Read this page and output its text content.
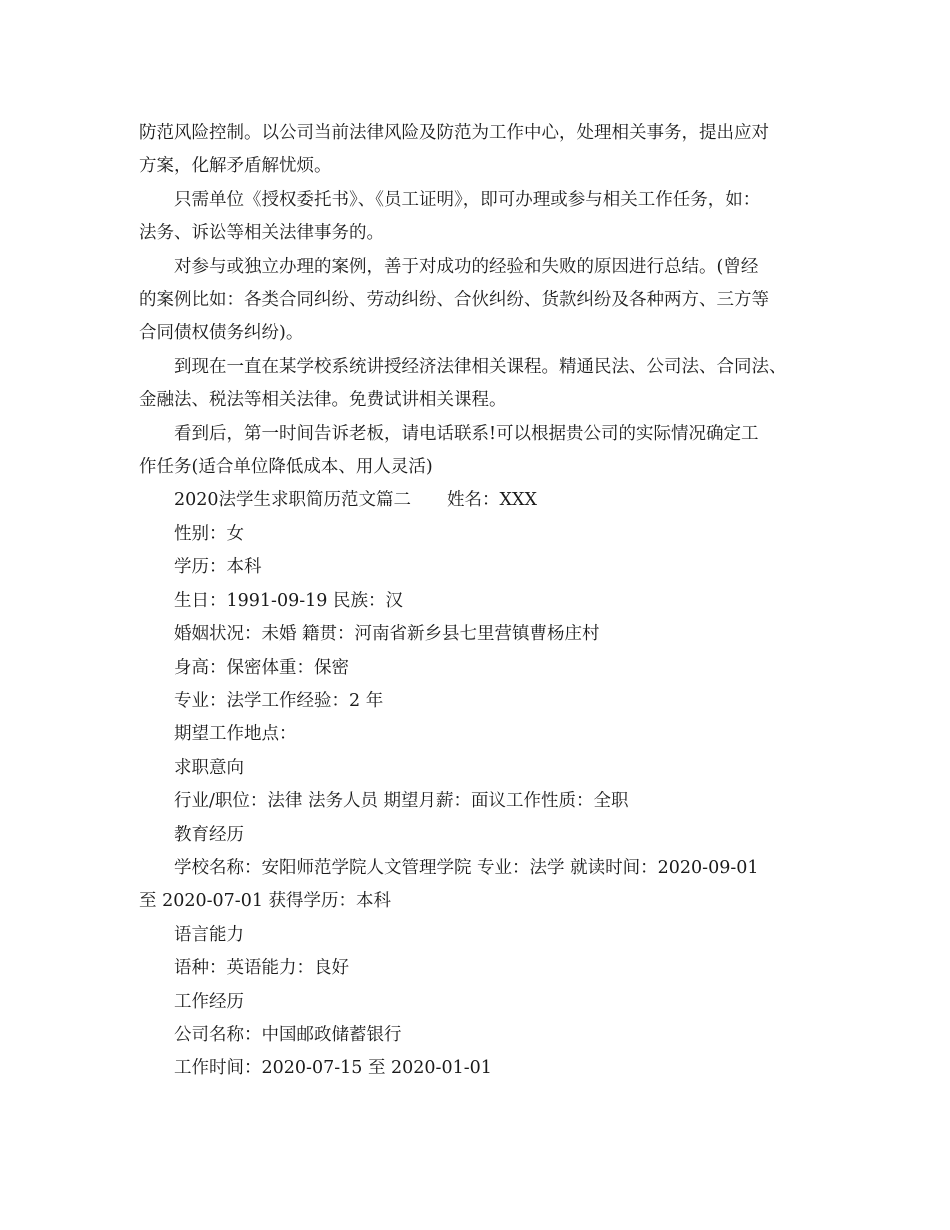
防范风险控制。以公司当前法律风险及防范为工作中心，处理相关事务，提出应对

方案，化解矛盾解忧烦。

只需单位《授权委托书》、《员工证明》，即可办理或参与相关工作任务，如：

法务、诉讼等相关法律事务的。

对参与或独立办理的案例，善于对成功的经验和失败的原因进行总结。(曾经

的案例比如：各类合同纠纷、劳动纠纷、合伙纠纷、货款纠纷及各种两方、三方等

合同债权债务纠纷)。

到现在一直在某学校系统讲授经济法律相关课程。精通民法、公司法、合同法、

金融法、税法等相关法律。免费试讲相关课程。

看到后，第一时间告诉老板，请电话联系!可以根据贵公司的实际情况确定工

作任务(适合单位降低成本、用人灵活)

2020法学生求职简历范文篇二 姓名：XXX

性别：女

学历：本科

生日：1991-09-19 民族：汉

婚姻状况：未婚 籍贯：河南省新乡县七里营镇曹杨庄村

身高：保密体重：保密

专业：法学工作经验：2 年

期望工作地点：

求职意向

行业/职位：法律 法务人员 期望月薪：面议工作性质：全职

教育经历

学校名称：安阳师范学院人文管理学院 专业：法学 就读时间：2020-09-01

至 2020-07-01 获得学历：本科

语言能力

语种：英语能力：良好

工作经历

公司名称：中国邮政储蓄银行

工作时间：2020-07-15 至 2020-01-01
